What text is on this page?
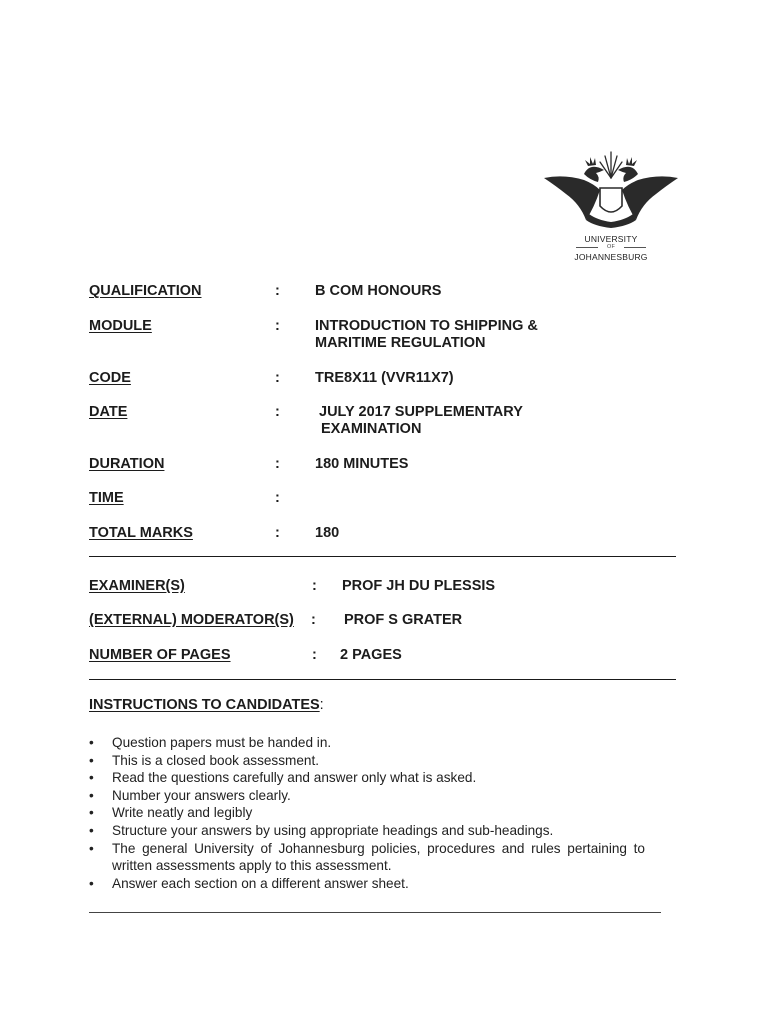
UNIVERSITY
OF
JOHANNESBURG
QUALIFICATION	: B COM HONOURS
MODULE	: INTRODUCTION TO SHIPPING &
MARITIME REGULATION
CODE	: TRE8X11 (VVR11X7)
DATE	:	JULY 2017 SUPPLEMENTARY
EXAMINATION
DURATION	: 180 MINUTES
TIME	:
TOTAL MARKS	: 180
EXAMINER(S)	: PROF JH DU PLESSIS
(EXTERNAL) MODERATOR(S) : PROF S GRATER
NUMBER OF PAGES	: 2 PAGES
INSTRUCTIONS TO CANDIDATES:
• Question papers must be handed in.
• This is a closed book assessment.
• Read the questions carefully and answer only what is asked.
• Number your answers clearly.
• Write neatly and legibly
• Structure your answers by using appropriate headings and sub-headings.
• The general University of Johannesburg policies, procedures and rules pertaining to written assessments apply to this assessment.
• Answer each section on a different answer sheet.
